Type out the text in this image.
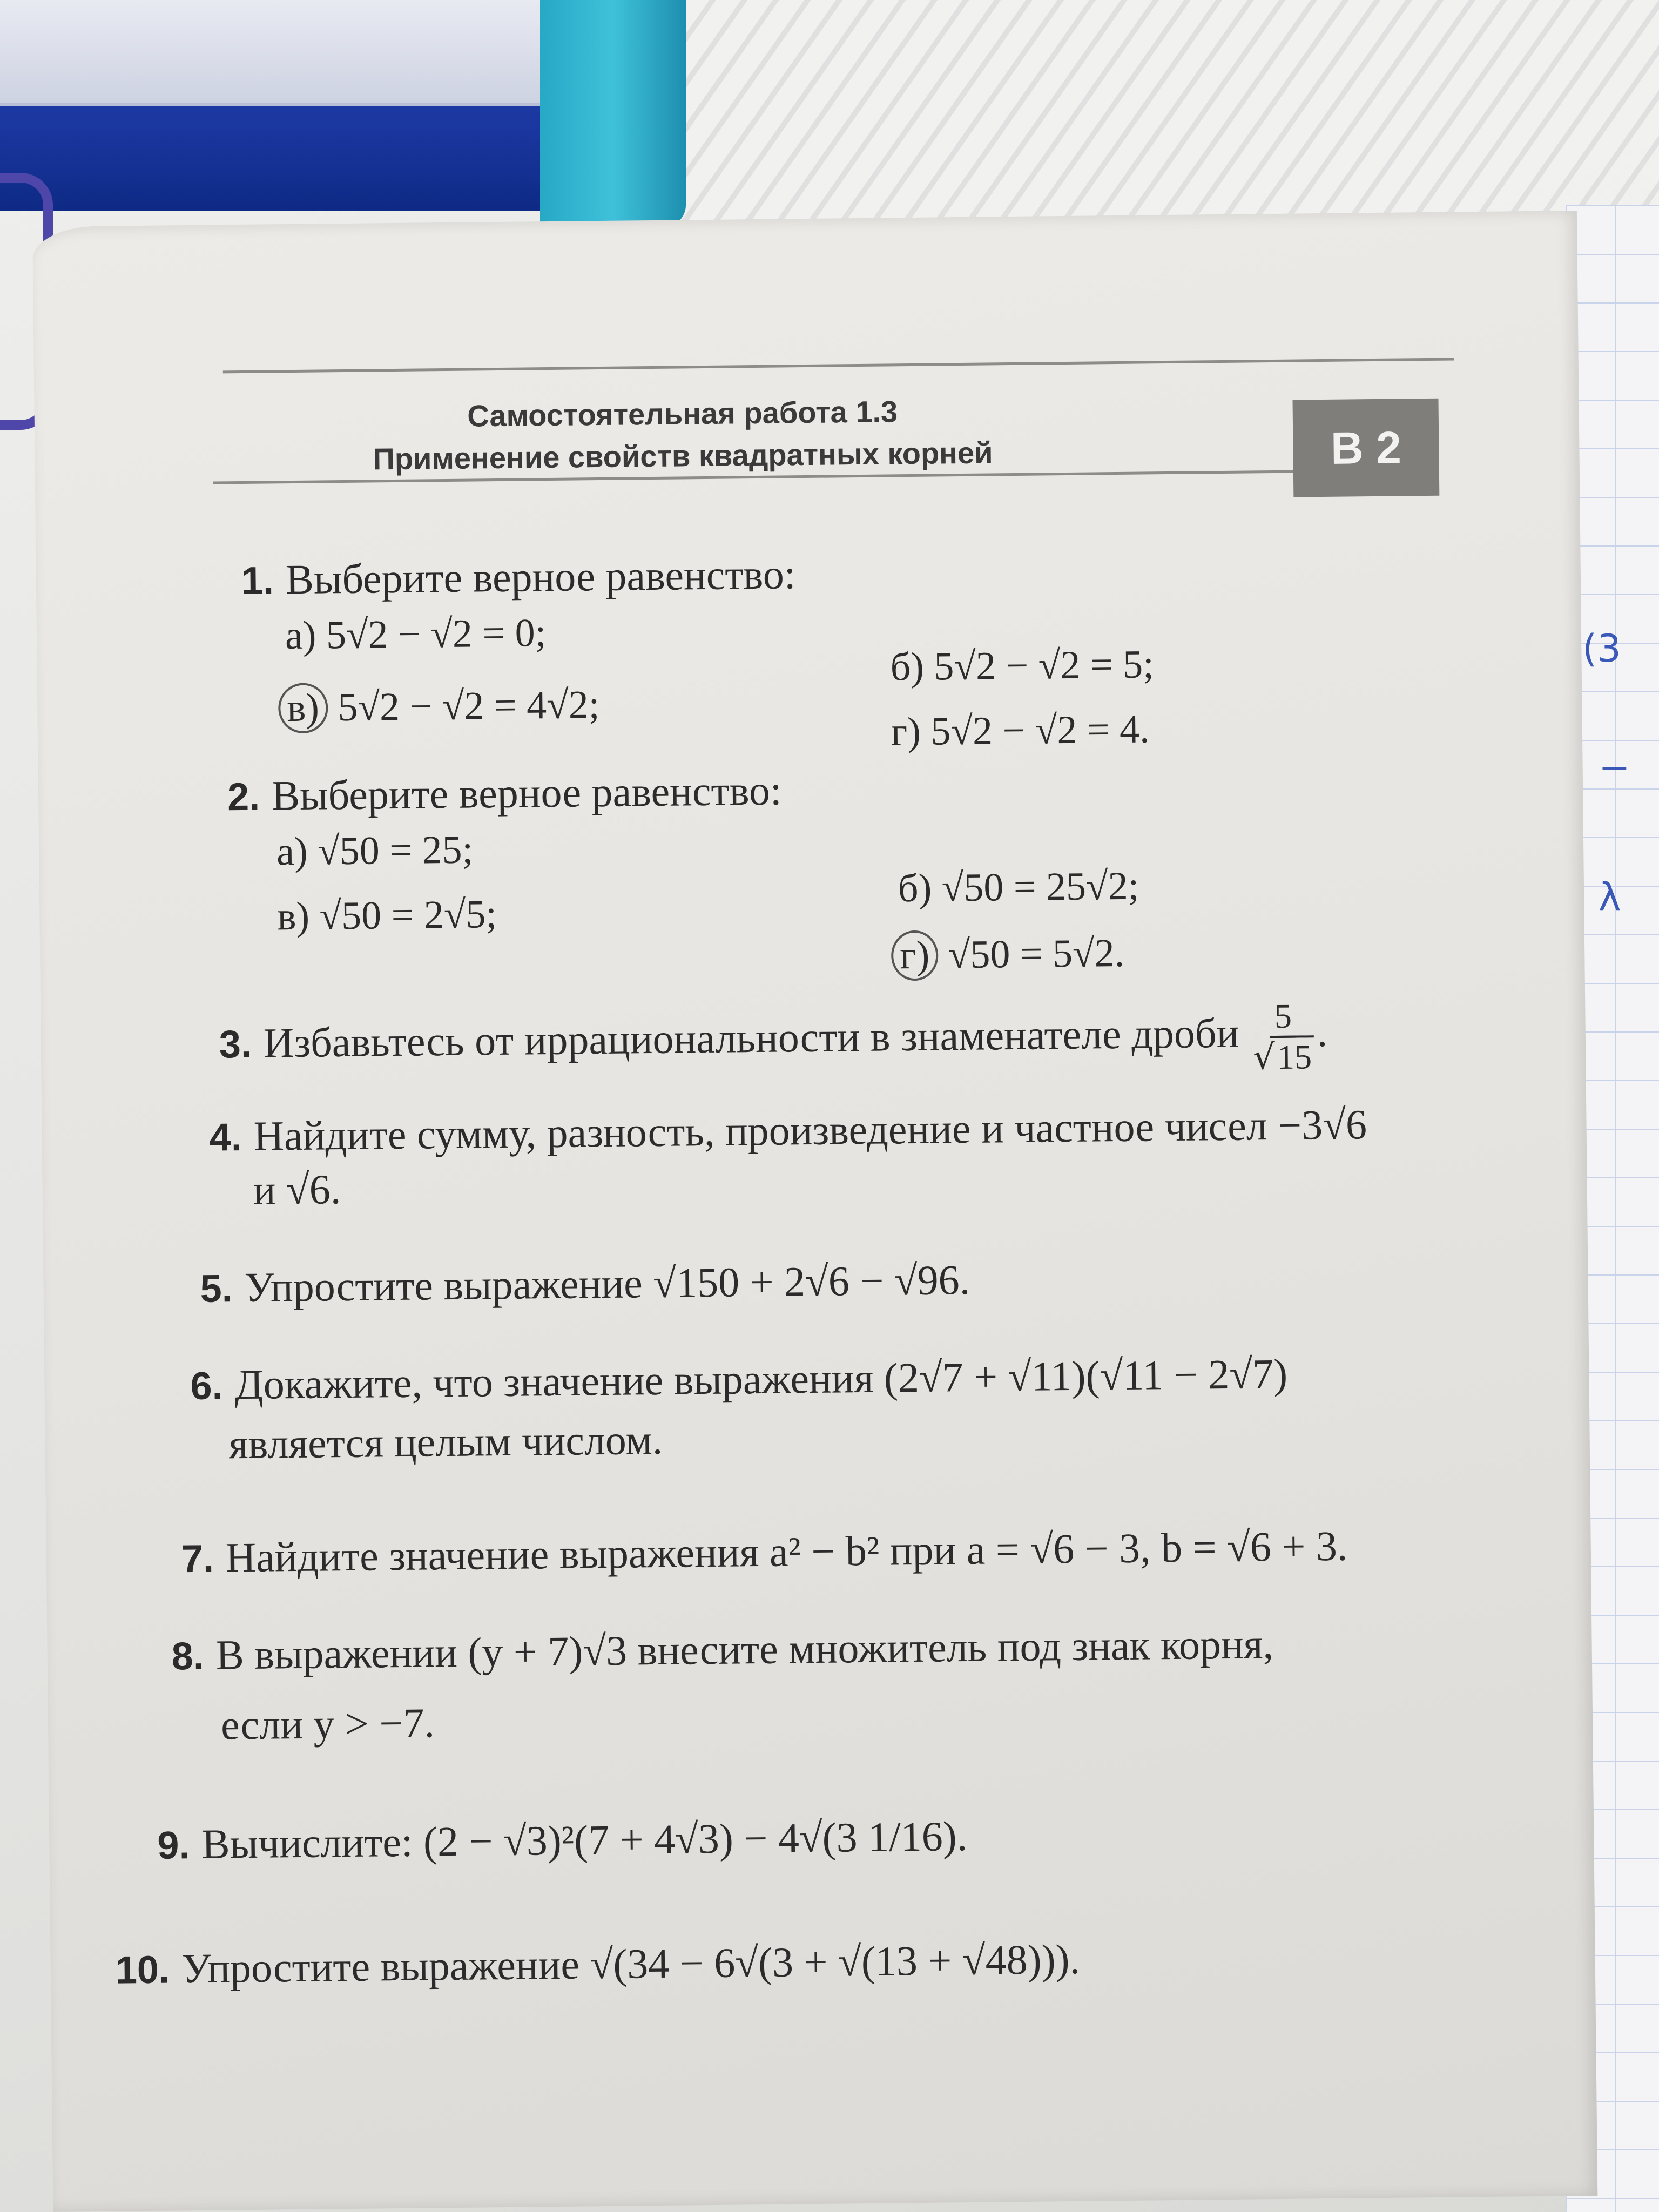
(3
−
λ
Самостоятельная работа 1.3
Применение свойств квадратных корней	В 2
1. Выберите верное равенство:
а) 5√2 − √2 = 0;
б) 5√2 − √2 = 5;
в) 5√2 − √2 = 4√2;
г) 5√2 − √2 = 4.
2. Выберите верное равенство:
а) √50 = 25;
б) √50 = 25√2;
в) √50 = 2√5;
г) √50 = 5√2.
3. Избавьтесь от иррациональности в знаменателе дроби $\frac{5}{√15}$ .
4. Найдите сумму, разность, произведение и частное чисел −3√6
и √6.
5. Упростите выражение √150 + 2√6 − √96.
6. Докажите, что значение выражения (2√7 + √11)(√11 − 2√7)
является целым числом.
7. Найдите значение выражения a² − b² при a = √6 − 3, b = √6 + 3.
8. В выражении (y + 7)√3 внесите множитель под знак корня,
если y > −7.
9. Вычислите: (2 − √3)²(7 + 4√3) − 4√(3 1/16).
10. Упростите выражение √(34 − 6√(3 + √(13 + √48))).
